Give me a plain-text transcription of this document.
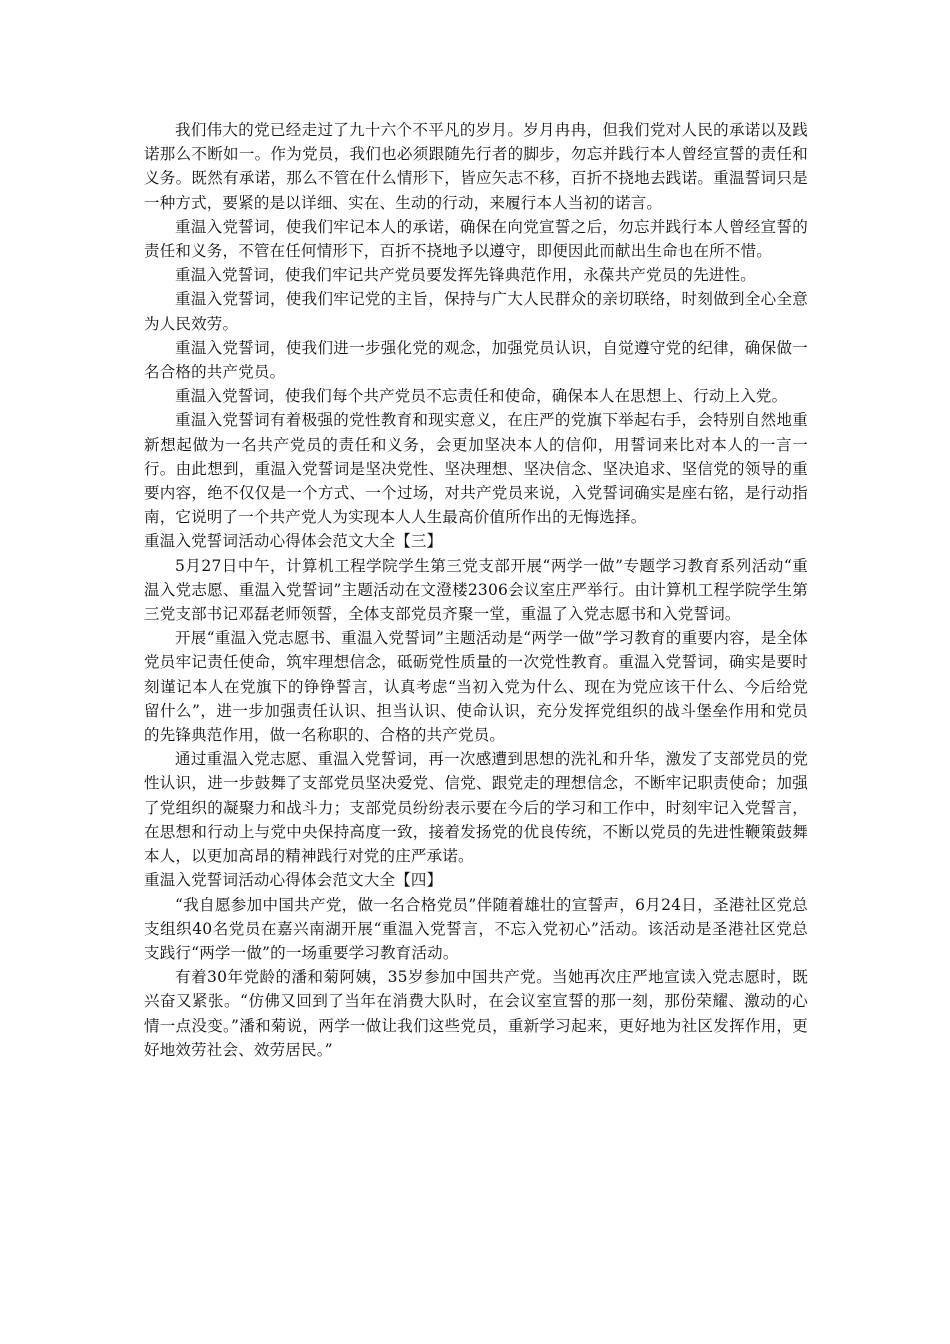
我们伟大的党已经走过了九十六个不平凡的岁月。岁月冉冉，但我们党对人民的承诺以及践诺那么不断如一。作为党员，我们也必须跟随先行者的脚步，勿忘并践行本人曾经宣誓的责任和义务。既然有承诺，那么不管在什么情形下，皆应矢志不移，百折不挠地去践诺。重温誓词只是一种方式，要紧的是以详细、实在、生动的行动，来履行本人当初的诺言。

重温入党誓词，使我们牢记本人的承诺，确保在向党宣誓之后，勿忘并践行本人曾经宣誓的责任和义务，不管在任何情形下，百折不挠地予以遵守，即便因此而献出生命也在所不惜。

重温入党誓词，使我们牢记共产党员要发挥先锋典范作用，永葆共产党员的先进性。

重温入党誓词，使我们牢记党的主旨，保持与广大人民群众的亲切联络，时刻做到全心全意为人民效劳。

重温入党誓词，使我们进一步强化党的观念，加强党员认识，自觉遵守党的纪律，确保做一名合格的共产党员。

重温入党誓词，使我们每个共产党员不忘责任和使命，确保本人在思想上、行动上入党。

重温入党誓词有着极强的党性教育和现实意义，在庄严的党旗下举起右手，会特别自然地重新想起做为一名共产党员的责任和义务，会更加坚决本人的信仰，用誓词来比对本人的一言一行。由此想到，重温入党誓词是坚决党性、坚决理想、坚决信念、坚决追求、坚信党的领导的重要内容，绝不仅仅是一个方式、一个过场，对共产党员来说，入党誓词确实是座右铭，是行动指南，它说明了一个共产党人为实现本人人生最高价值所作出的无悔选择。

重温入党誓词活动心得体会范文大全【三】

5月27日中午，计算机工程学院学生第三党支部开展“两学一做”专题学习教育系列活动“重温入党志愿、重温入党誓词”主题活动在文澄楼2306会议室庄严举行。由计算机工程学院学生第三党支部书记邓磊老师领誓，全体支部党员齐聚一堂，重温了入党志愿书和入党誓词。

开展“重温入党志愿书、重温入党誓词”主题活动是“两学一做”学习教育的重要内容，是全体党员牢记责任使命，筑牢理想信念，砥砺党性质量的一次党性教育。重温入党誓词，确实是要时刻谨记本人在党旗下的铮铮誓言，认真考虑“当初入党为什么、现在为党应该干什么、今后给党留什么”，进一步加强责任认识、担当认识、使命认识，充分发挥党组织的战斗堡垒作用和党员的先锋典范作用，做一名称职的、合格的共产党员。

通过重温入党志愿、重温入党誓词，再一次感遭到思想的洗礼和升华，激发了支部党员的党性认识，进一步鼓舞了支部党员坚决爱党、信党、跟党走的理想信念，不断牢记职责使命；加强了党组织的凝聚力和战斗力；支部党员纷纷表示要在今后的学习和工作中，时刻牢记入党誓言，在思想和行动上与党中央保持高度一致，接着发扬党的优良传统，不断以党员的先进性鞭策鼓舞本人，以更加高昂的精神践行对党的庄严承诺。

重温入党誓词活动心得体会范文大全【四】

“我自愿参加中国共产党，做一名合格党员”伴随着雄壮的宣誓声，6月24日，圣港社区党总支组织40名党员在嘉兴南湖开展“重温入党誓言，不忘入党初心”活动。该活动是圣港社区党总支践行“两学一做”的一场重要学习教育活动。

有着30年党龄的潘和菊阿姨，35岁参加中国共产党。当她再次庄严地宣读入党志愿时，既兴奋又紧张。“仿佛又回到了当年在消费大队时，在会议室宣誓的那一刻，那份荣耀、激动的心情一点没变。”潘和菊说，两学一做让我们这些党员，重新学习起来，更好地为社区发挥作用，更好地效劳社会、效劳居民。”
